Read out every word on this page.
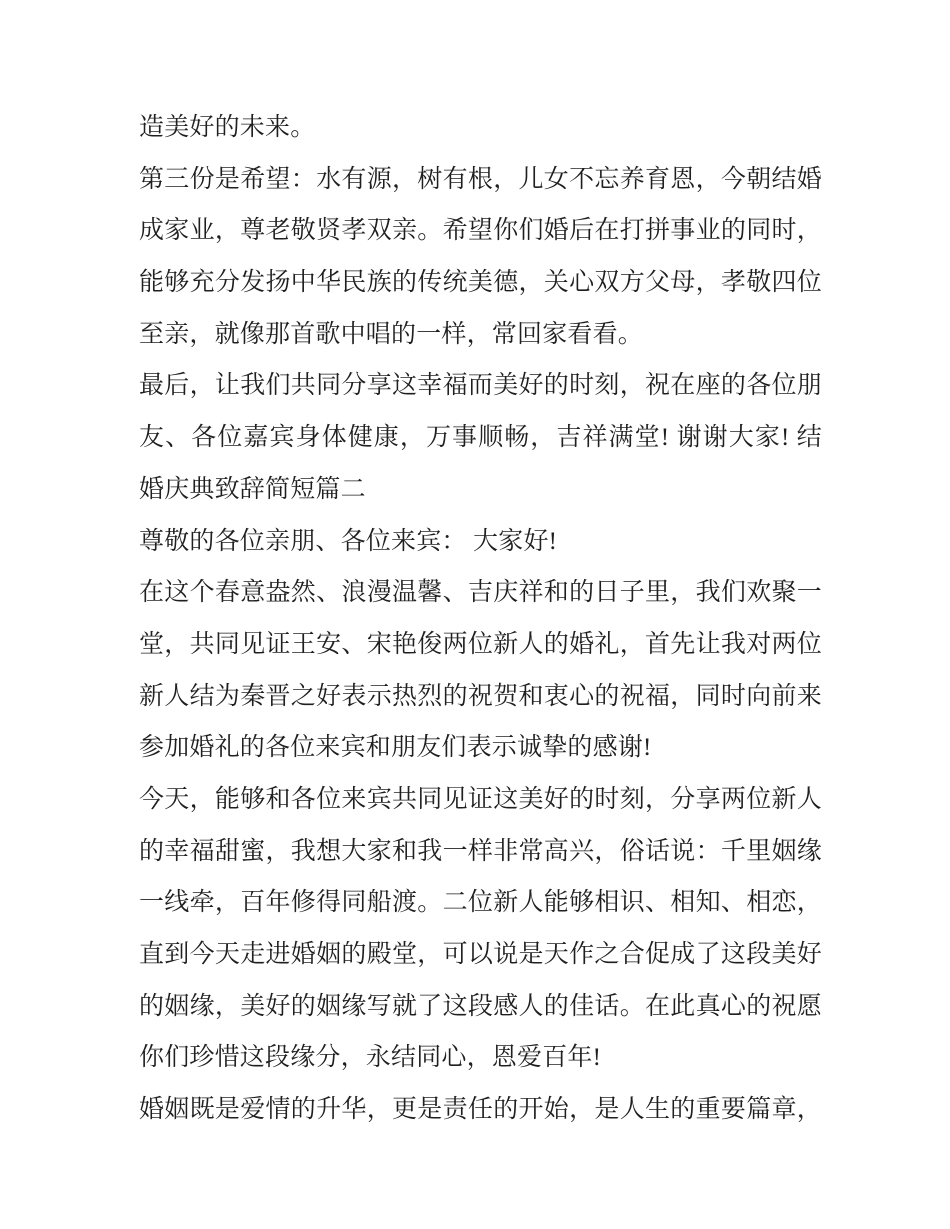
造美好的未来。
第三份是希望：水有源，树有根，儿女不忘养育恩，今朝结婚
成家业，尊老敬贤孝双亲。希望你们婚后在打拼事业的同时，
能够充分发扬中华民族的传统美德，关心双方父母，孝敬四位
至亲，就像那首歌中唱的一样，常回家看看。
最后，让我们共同分享这幸福而美好的时刻，祝在座的各位朋
友、各位嘉宾身体健康，万事顺畅，吉祥满堂! 谢谢大家! 结
婚庆典致辞简短篇二
尊敬的各位亲朋、各位来宾： 大家好!
在这个春意盎然、浪漫温馨、吉庆祥和的日子里，我们欢聚一
堂，共同见证王安、宋艳俊两位新人的婚礼，首先让我对两位
新人结为秦晋之好表示热烈的祝贺和衷心的祝福，同时向前来
参加婚礼的各位来宾和朋友们表示诚挚的感谢!
今天，能够和各位来宾共同见证这美好的时刻，分享两位新人
的幸福甜蜜，我想大家和我一样非常高兴，俗话说：千里姻缘
一线牵，百年修得同船渡。二位新人能够相识、相知、相恋，
直到今天走进婚姻的殿堂，可以说是天作之合促成了这段美好
的姻缘，美好的姻缘写就了这段感人的佳话。在此真心的祝愿
你们珍惜这段缘分，永结同心，恩爱百年!
婚姻既是爱情的升华，更是责任的开始，是人生的重要篇章，
